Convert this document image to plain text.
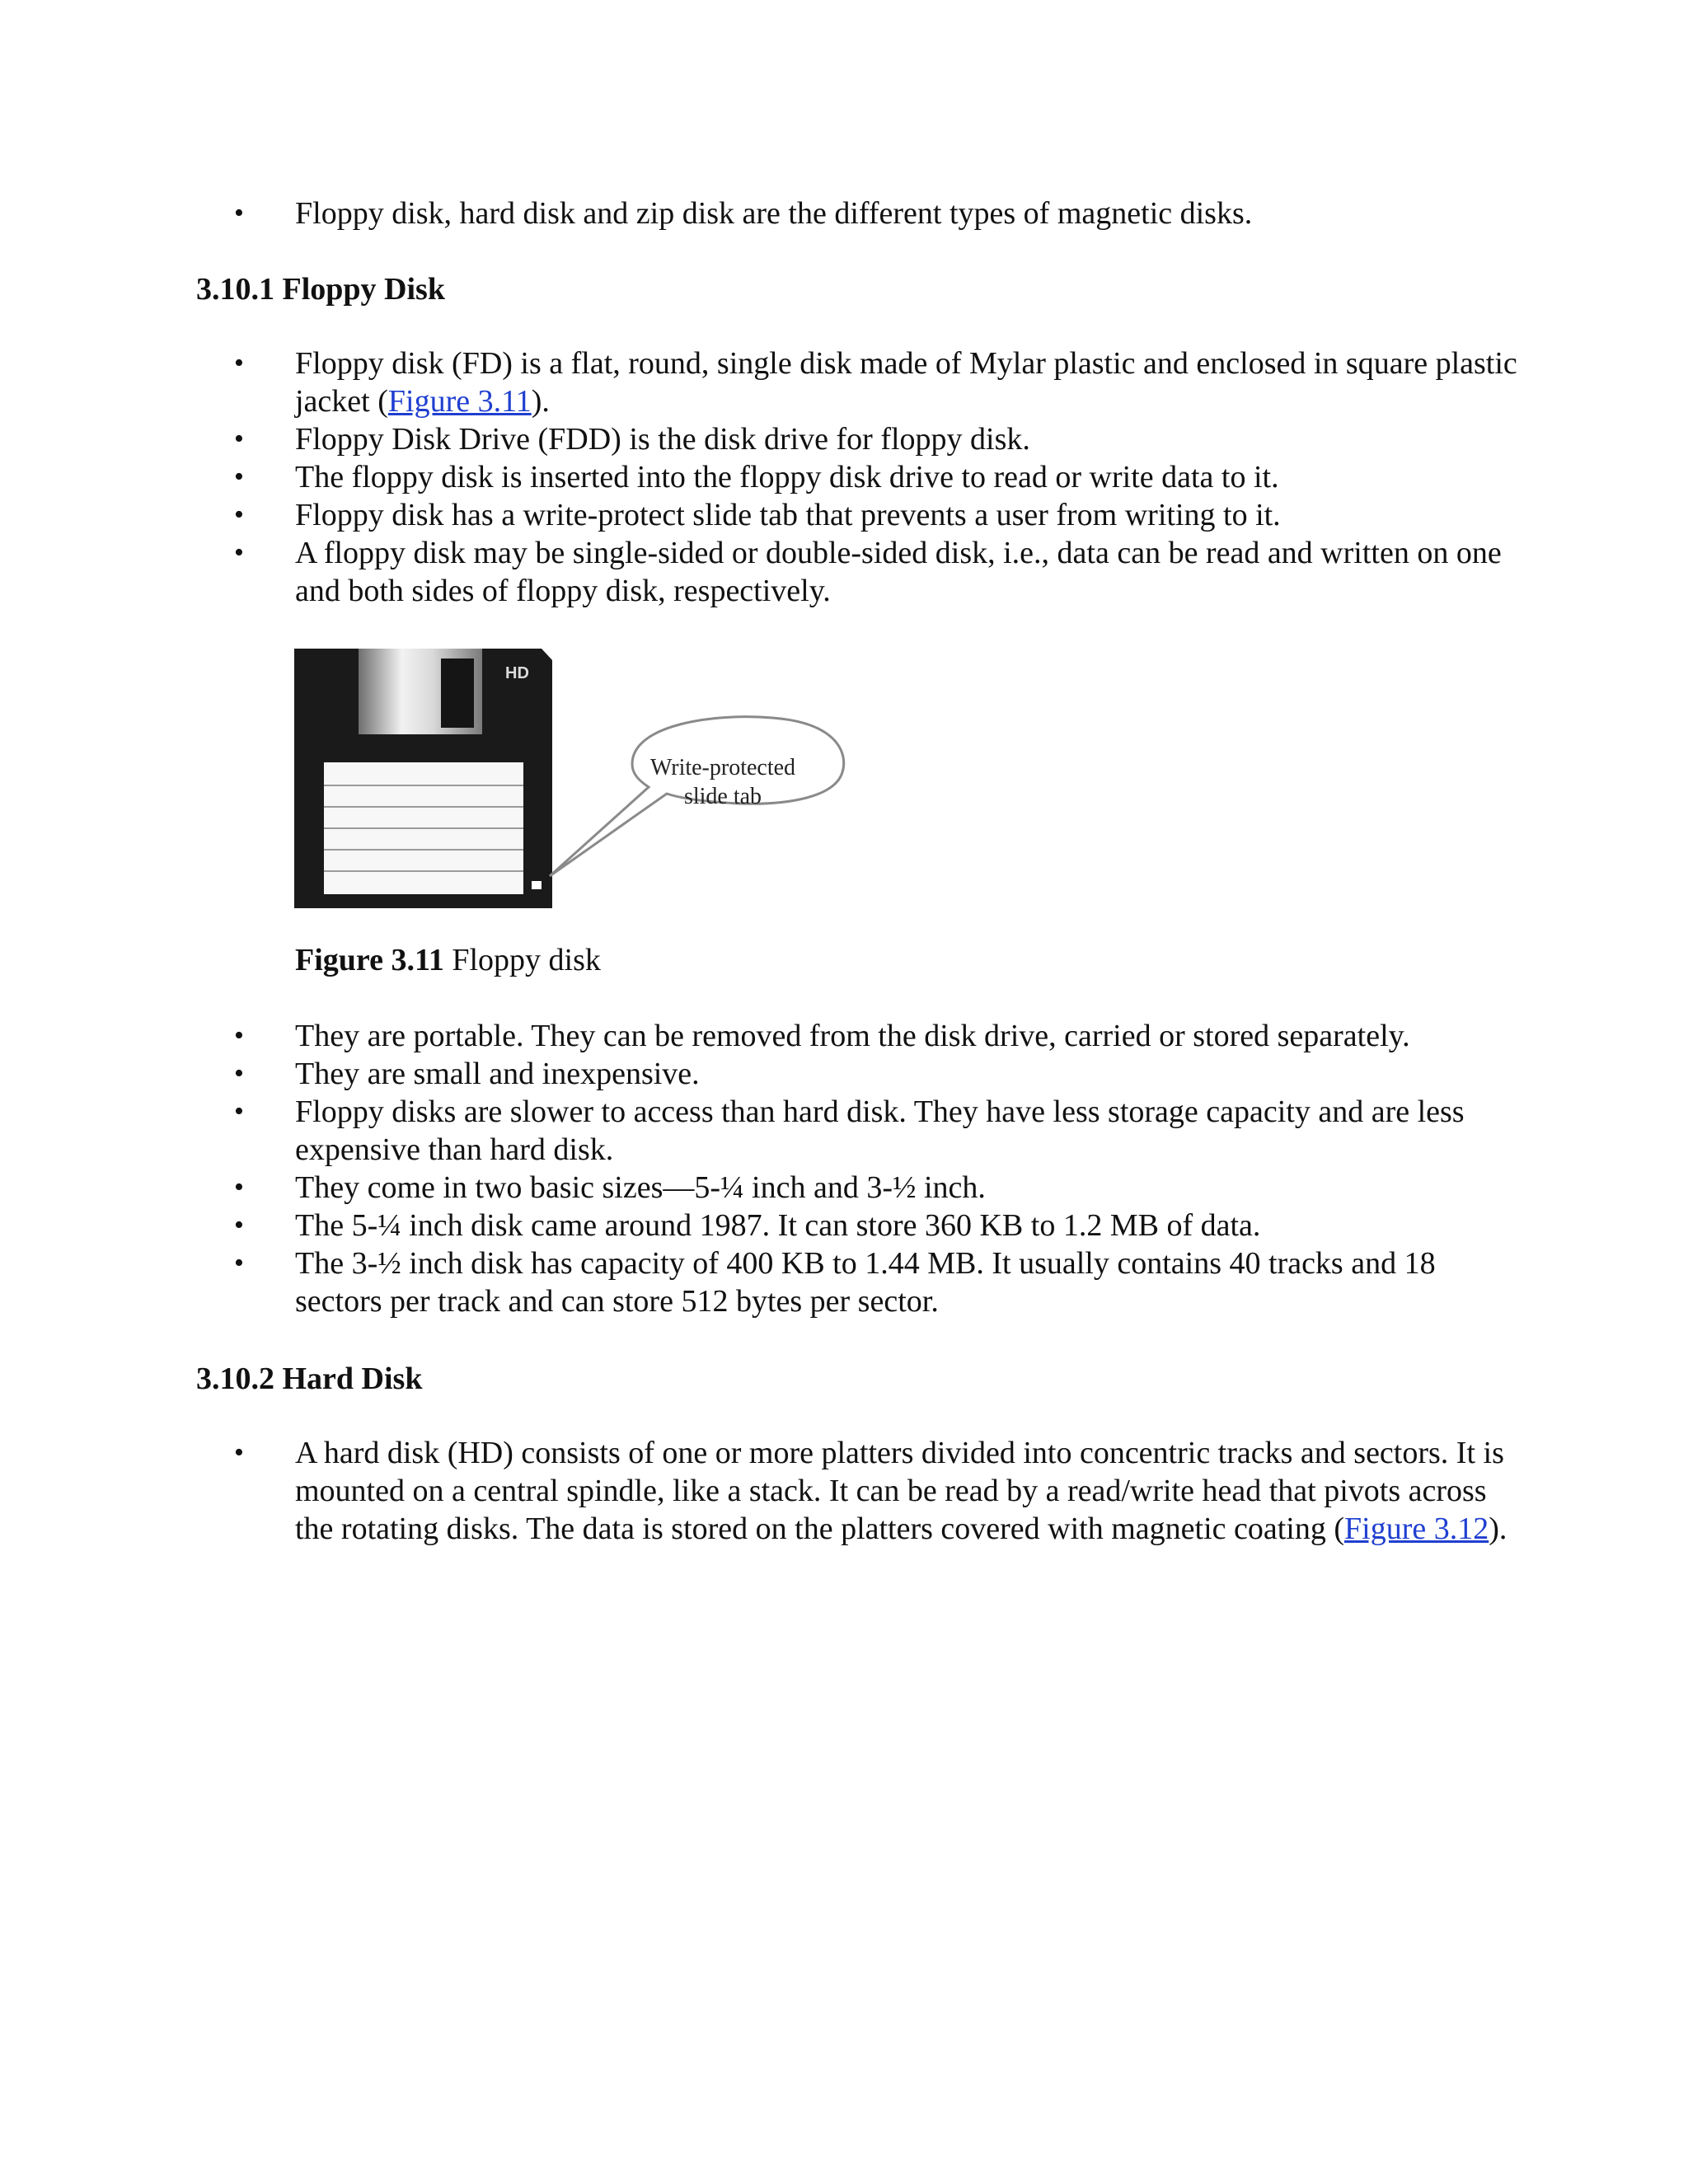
• Floppy disk, hard disk and zip disk are the different types of magnetic disks.
3.10.1 Floppy Disk
• Floppy disk (FD) is a flat, round, single disk made of Mylar plastic and enclosed in square plastic jacket (Figure 3.11).
• Floppy Disk Drive (FDD) is the disk drive for floppy disk.
• The floppy disk is inserted into the floppy disk drive to read or write data to it.
• Floppy disk has a write-protect slide tab that prevents a user from writing to it.
• A floppy disk may be single-sided or double-sided disk, i.e., data can be read and written on one and both sides of floppy disk, respectively.
HD
Write-protected
slide tab
Figure 3.11 Floppy disk
• They are portable. They can be removed from the disk drive, carried or stored separately.
• They are small and inexpensive.
• Floppy disks are slower to access than hard disk. They have less storage capacity and are less expensive than hard disk.
• They come in two basic sizes—5-¼ inch and 3-½ inch.
• The 5-¼ inch disk came around 1987. It can store 360 KB to 1.2 MB of data.
• The 3-½ inch disk has capacity of 400 KB to 1.44 MB. It usually contains 40 tracks and 18 sectors per track and can store 512 bytes per sector.
3.10.2 Hard Disk
• A hard disk (HD) consists of one or more platters divided into concentric tracks and sectors. It is mounted on a central spindle, like a stack. It can be read by a read/write head that pivots across the rotating disks. The data is stored on the platters covered with magnetic coating (Figure 3.12).
